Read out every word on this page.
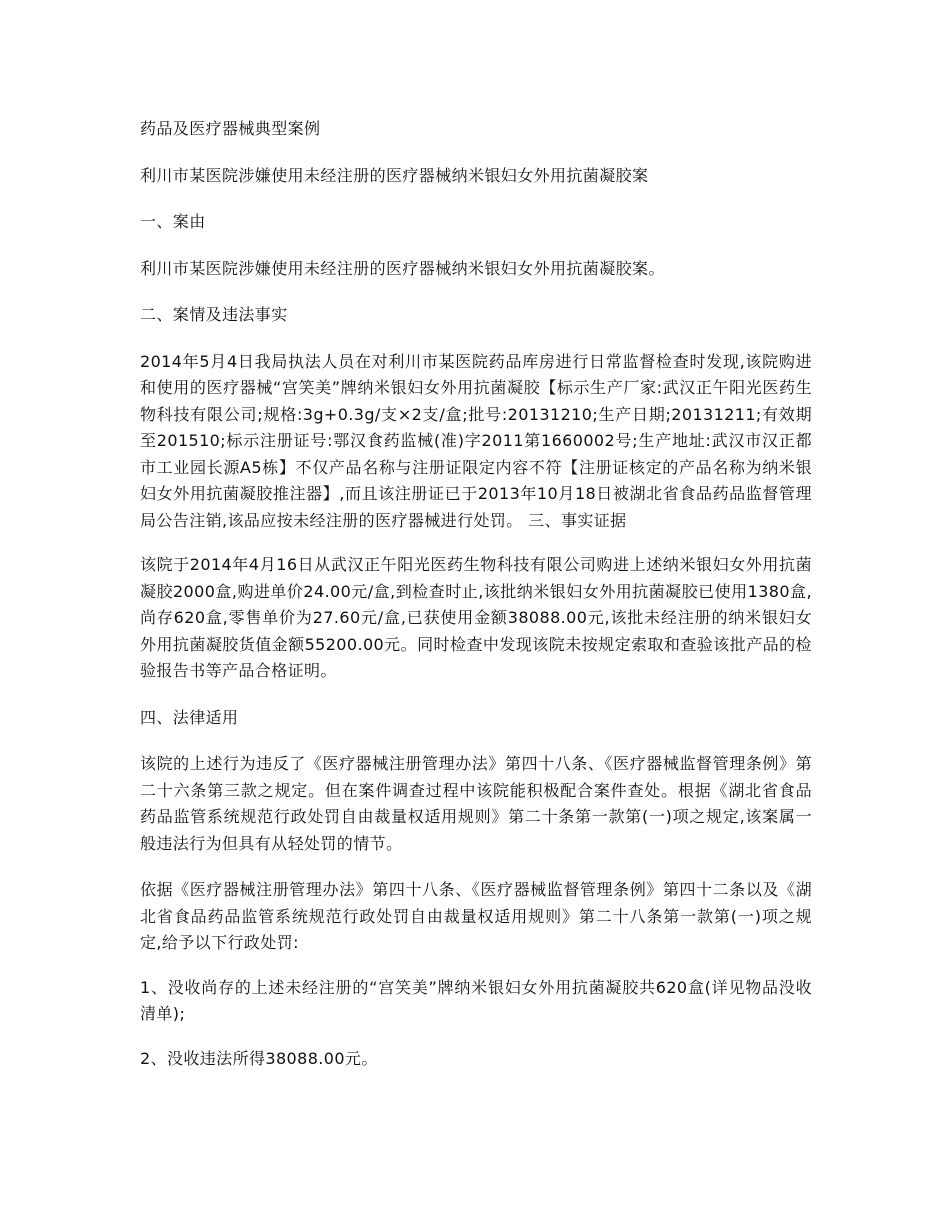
药品及医疗器械典型案例

利川市某医院涉嫌使用未经注册的医疗器械纳米银妇女外用抗菌凝胶案

一、案由

利川市某医院涉嫌使用未经注册的医疗器械纳米银妇女外用抗菌凝胶案。

二、案情及违法事实

2014年5月4日我局执法人员在对利川市某医院药品库房进行日常监督检查时发现,该院购进和使用的医疗器械“宫笑美”牌纳米银妇女外用抗菌凝胶【标示生产厂家:武汉正午阳光医药生物科技有限公司;规格:3g+0.3g/支×2支/盒;批号:20131210;生产日期;20131211;有效期至201510;标示注册证号:鄂汉食药监械(准)字2011第1660002号;生产地址:武汉市汉正都市工业园长源A5栋】不仅产品名称与注册证限定内容不符【注册证核定的产品名称为纳米银妇女外用抗菌凝胶推注器】,而且该注册证已于2013年10月18日被湖北省食品药品监督管理局公告注销,该品应按未经注册的医疗器械进行处罚。 三、事实证据

该院于2014年4月16日从武汉正午阳光医药生物科技有限公司购进上述纳米银妇女外用抗菌凝胶2000盒,购进单价24.00元/盒,到检查时止,该批纳米银妇女外用抗菌凝胶已使用1380盒,尚存620盒,零售单价为27.60元/盒,已获使用金额38088.00元,该批未经注册的纳米银妇女外用抗菌凝胶货值金额55200.00元。同时检查中发现该院未按规定索取和查验该批产品的检验报告书等产品合格证明。

四、法律适用

该院的上述行为违反了《医疗器械注册管理办法》第四十八条、《医疗器械监督管理条例》第二十六条第三款之规定。但在案件调查过程中该院能积极配合案件查处。根据《湖北省食品药品监管系统规范行政处罚自由裁量权适用规则》第二十条第一款第(一)项之规定,该案属一般违法行为但具有从轻处罚的情节。

依据《医疗器械注册管理办法》第四十八条、《医疗器械监督管理条例》第四十二条以及《湖北省食品药品监管系统规范行政处罚自由裁量权适用规则》第二十八条第一款第(一)项之规定,给予以下行政处罚:

1、没收尚存的上述未经注册的“宫笑美”牌纳米银妇女外用抗菌凝胶共620盒(详见物品没收清单);

2、没收违法所得38088.00元。
